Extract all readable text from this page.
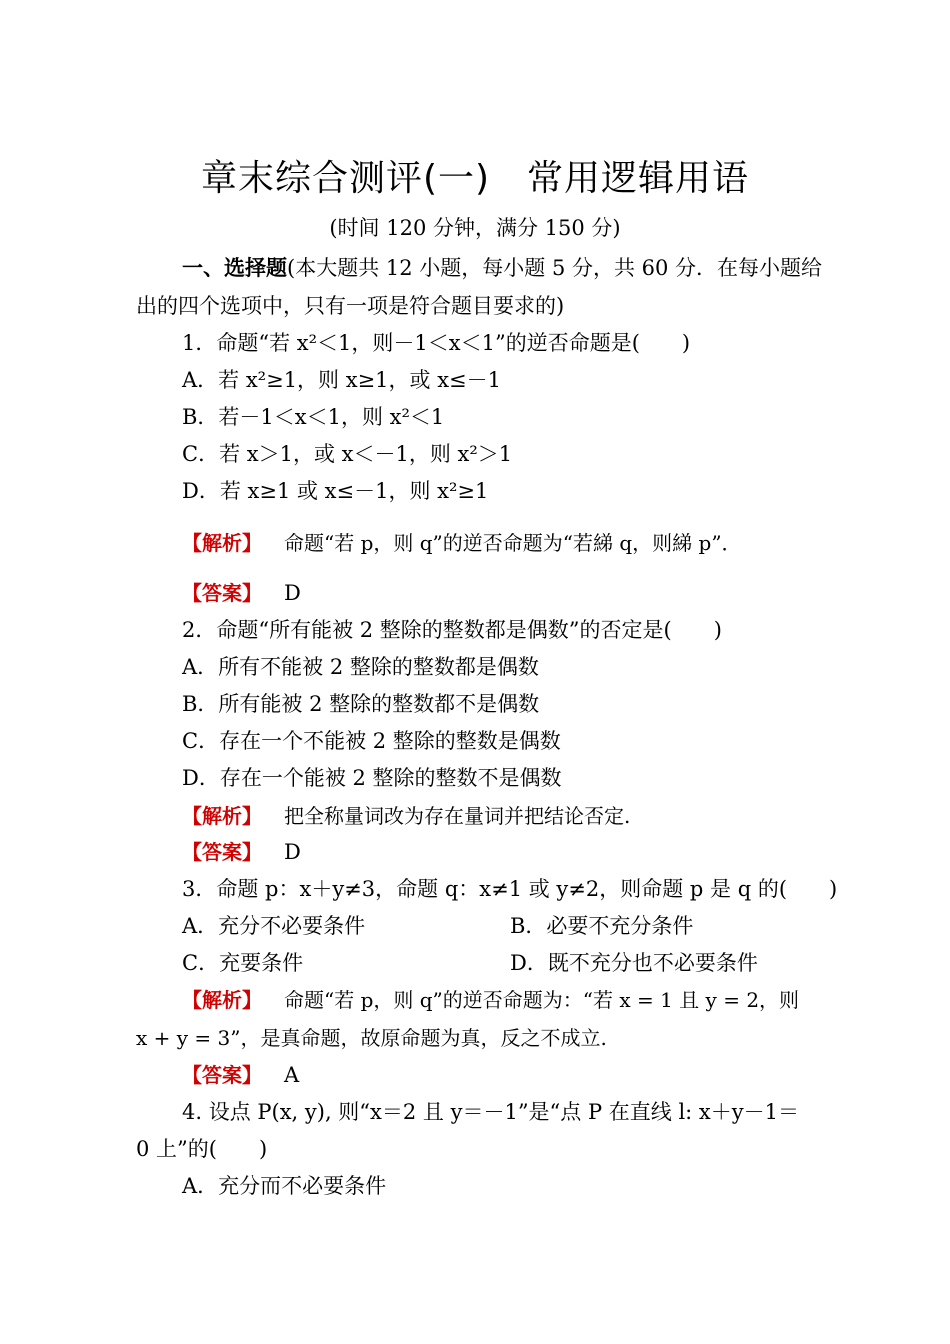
章末综合测评(一)　常用逻辑用语
(时间 120 分钟，满分 150 分)
一、选择题(本大题共 12 小题，每小题 5 分，共 60 分．在每小题给
出的四个选项中，只有一项是符合题目要求的)
1．命题“若 x²＜1，则－1＜x＜1”的逆否命题是(　　)
A．若 x²≥1，则 x≥1，或 x≤－1
B．若－1＜x＜1，则 x²＜1
C．若 x＞1，或 x＜－1，则 x²＞1
D．若 x≥1 或 x≤－1，则 x²≥1
【解析】 命题“若 p，则 q”的逆否命题为“若綈 q，则綈 p”．
【答案】 D
2．命题“所有能被 2 整除的整数都是偶数”的否定是(　　)
A．所有不能被 2 整除的整数都是偶数
B．所有能被 2 整除的整数都不是偶数
C．存在一个不能被 2 整除的整数是偶数
D．存在一个能被 2 整除的整数不是偶数
【解析】 把全称量词改为存在量词并把结论否定.
【答案】 D
3．命题 p：x＋y≠3，命题 q：x≠1 或 y≠2，则命题 p 是 q 的(　　)
A．充分不必要条件	B．必要不充分条件
C．充要条件	D．既不充分也不必要条件
【解析】 命题“若 p，则 q”的逆否命题为：“若 x = 1 且 y = 2，则
x + y = 3”，是真命题，故原命题为真，反之不成立.
【答案】 A
4. 设点 P(x, y), 则“x＝2 且 y＝－1”是“点 P 在直线 l: x＋y－1＝
0 上”的(　　)
A．充分而不必要条件
